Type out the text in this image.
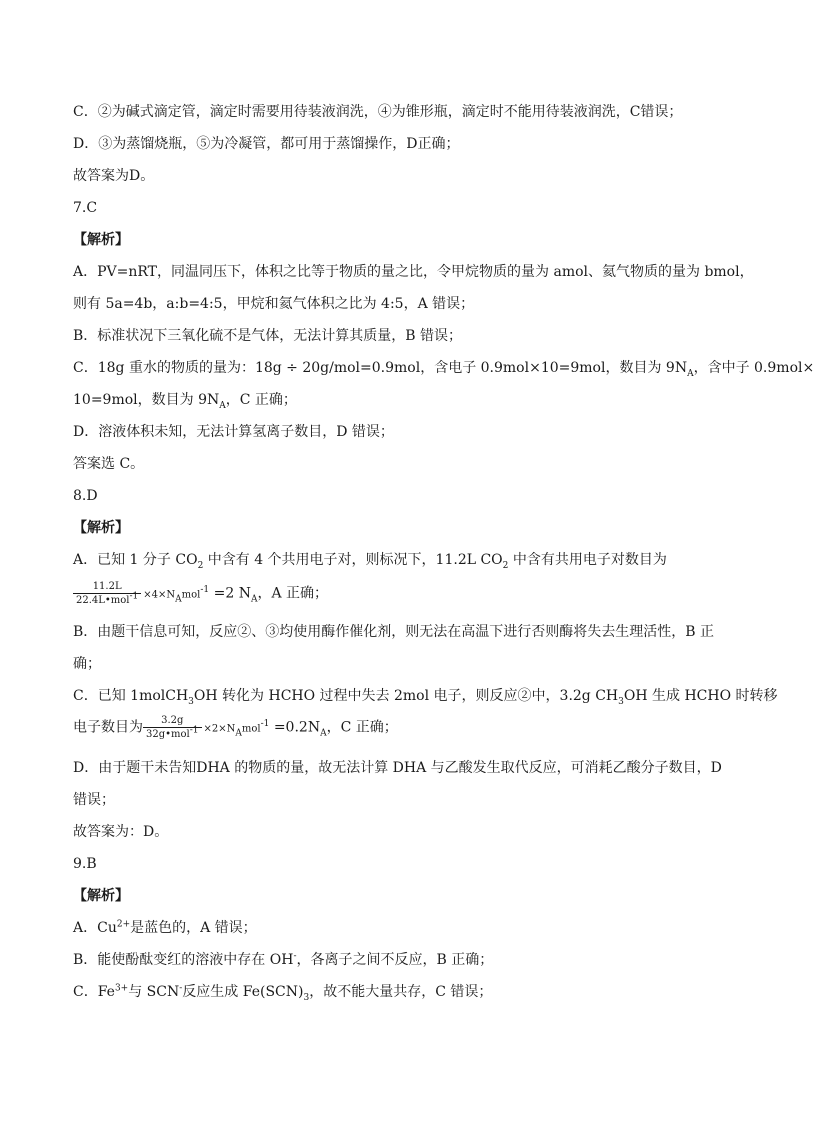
C．②为碱式滴定管，滴定时需要用待装液润洗，④为锥形瓶，滴定时不能用待装液润洗，C错误；
D．③为蒸馏烧瓶，⑤为冷凝管，都可用于蒸馏操作，D正确；
故答案为D。
7.C
【解析】
A．PV=nRT，同温同压下，体积之比等于物质的量之比，令甲烷物质的量为 amol、氦气物质的量为 bmol，
则有 5a=4b，a:b=4:5，甲烷和氦气体积之比为 4:5，A 错误；
B．标准状况下三氧化硫不是气体，无法计算其质量，B 错误；
C．18g 重水的物质的量为：18g ÷ 20g/mol=0.9mol，含电子 0.9mol×10=9mol，数目为 $9N_A$，含中子 0.9mol×
10=9mol，数目为 $9N_A$，C 正确；
D．溶液体积未知，无法计算氢离子数目，D 错误；
答案选 C。
8.D
【解析】
A．已知 1 分子 $CO_2$ 中含有 4 个共用电子对，则标况下，11.2L $CO_2$ 中含有共用电子对数目为
$\frac{11.2L}{22.4L•mol^{-1}} \times 4\times N_Amol^{-1} =2$ $N_A$，A 正确；
B．由题干信息可知，反应②、③均使用酶作催化剂，则无法在高温下进行否则酶将失去生理活性，B 正
确；
C．已知 1molCH$_3$OH 转化为 HCHO 过程中失去 2mol 电子，则反应②中，3.2g $CH_3OH$ 生成 HCHO 时转移
电子数目为 $\frac{3.2g}{32g•mol^{-1}} \times 2\times N_Amol^{-1} =0.2N_A$，C 正确；
D．由于题干未告知DHA 的物质的量，故无法计算 DHA 与乙酸发生取代反应，可消耗乙酸分子数目，D
错误；
故答案为：D。
9.B
【解析】
A．$Cu^{2+}$是蓝色的，A 错误；
B．能使酚酞变红的溶液中存在 OH-，各离子之间不反应，B 正确；
C．$Fe^{3+}$与 SCN-反应生成 $Fe(SCN)_3$，故不能大量共存，C 错误；
